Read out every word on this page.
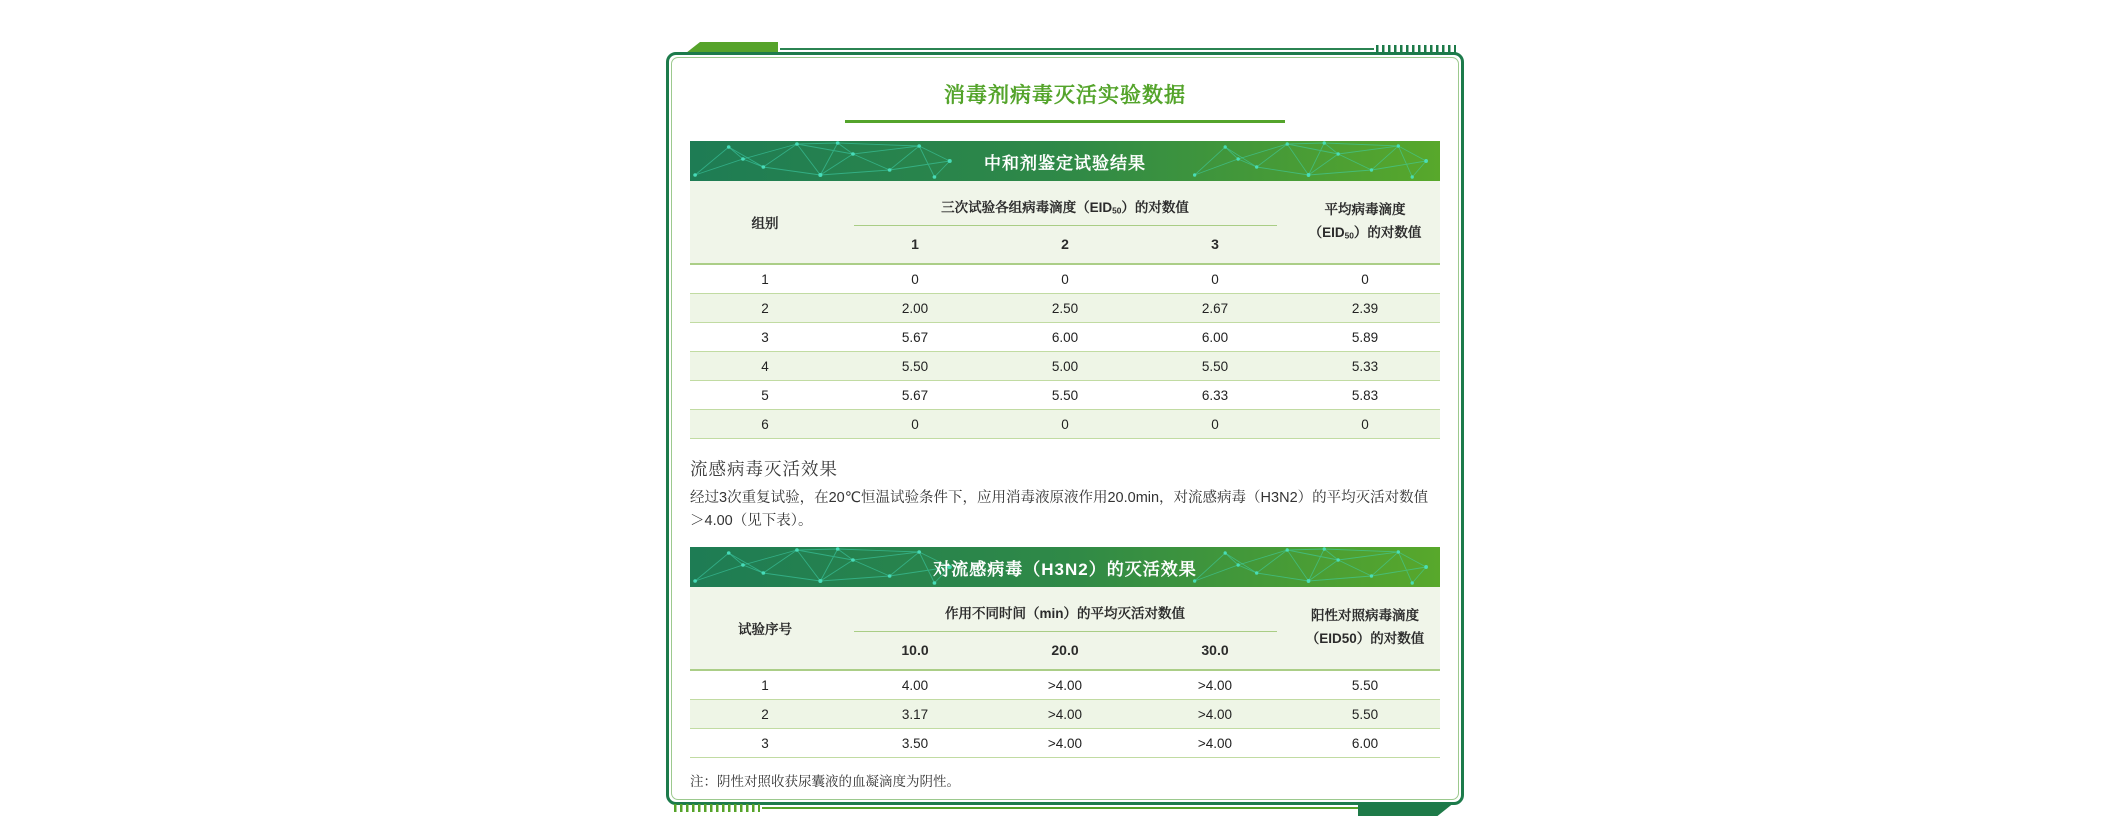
消毒剂病毒灭活实验数据
中和剂鉴定试验结果
组别
三次试验各组病毒滴度（EID50）的对数值
1	2	3
平均病毒滴度
（EID50）的对数值
1	0	0	0	0
2	2.00	2.50	2.67	2.39
3	5.67	6.00	6.00	5.89
4	5.50	5.00	5.50	5.33
5	5.67	5.50	6.33	5.83
6	0	0	0	0
流感病毒灭活效果
经过3次重复试验，在20℃恒温试验条件下，应用消毒液原液作用20.0min，对流感病毒（H3N2）的平均灭活对数值＞4.00（见下表）。
对流感病毒（H3N2）的灭活效果
试验序号
作用不同时间（min）的平均灭活对数值
10.0	20.0	30.0
阳性对照病毒滴度
（EID50）的对数值
1	4.00	>4.00	>4.00	5.50
2	3.17	>4.00	>4.00	5.50
3	3.50	>4.00	>4.00	6.00
注：阴性对照收获尿囊液的血凝滴度为阴性。
